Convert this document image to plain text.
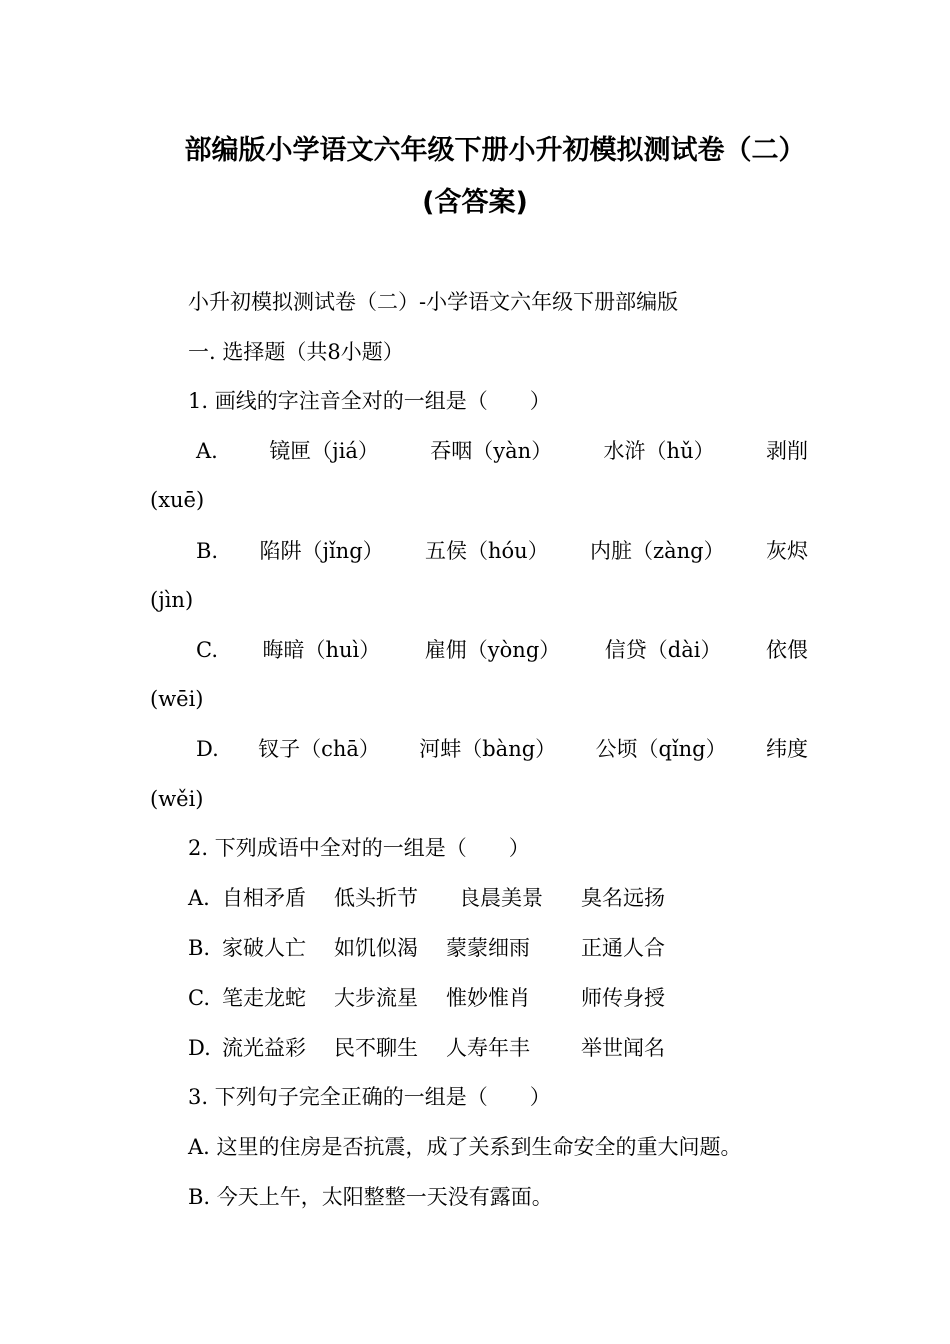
部编版小学语文六年级下册小升初模拟测试卷（二）
(含答案)
小升初模拟测试卷（二）-小学语文六年级下册部编版
一. 选择题（共8小题）
1. 画线的字注音全对的一组是（　　）
A. 镜匣（jiá） 吞咽（yàn） 水浒（hǔ） 剥削
(xuē)
B. 陷阱（jǐng） 五侯（hóu） 内脏（zàng） 灰烬
(jìn)
C. 晦暗（huì） 雇佣（yòng） 信贷（dài） 依偎
(wēi)
D. 钗子（chā） 河蚌（bàng） 公顷（qǐng） 纬度
(wěi)
2. 下列成语中全对的一组是（　　）
A. 自相矛盾 低头折节 良晨美景 臭名远扬
B. 家破人亡 如饥似渴 蒙蒙细雨 正通人合
C. 笔走龙蛇 大步流星 惟妙惟肖 师传身授
D. 流光益彩 民不聊生 人寿年丰 举世闻名
3. 下列句子完全正确的一组是（　　）
A. 这里的住房是否抗震，成了关系到生命安全的重大问题。
B. 今天上午，太阳整整一天没有露面。
